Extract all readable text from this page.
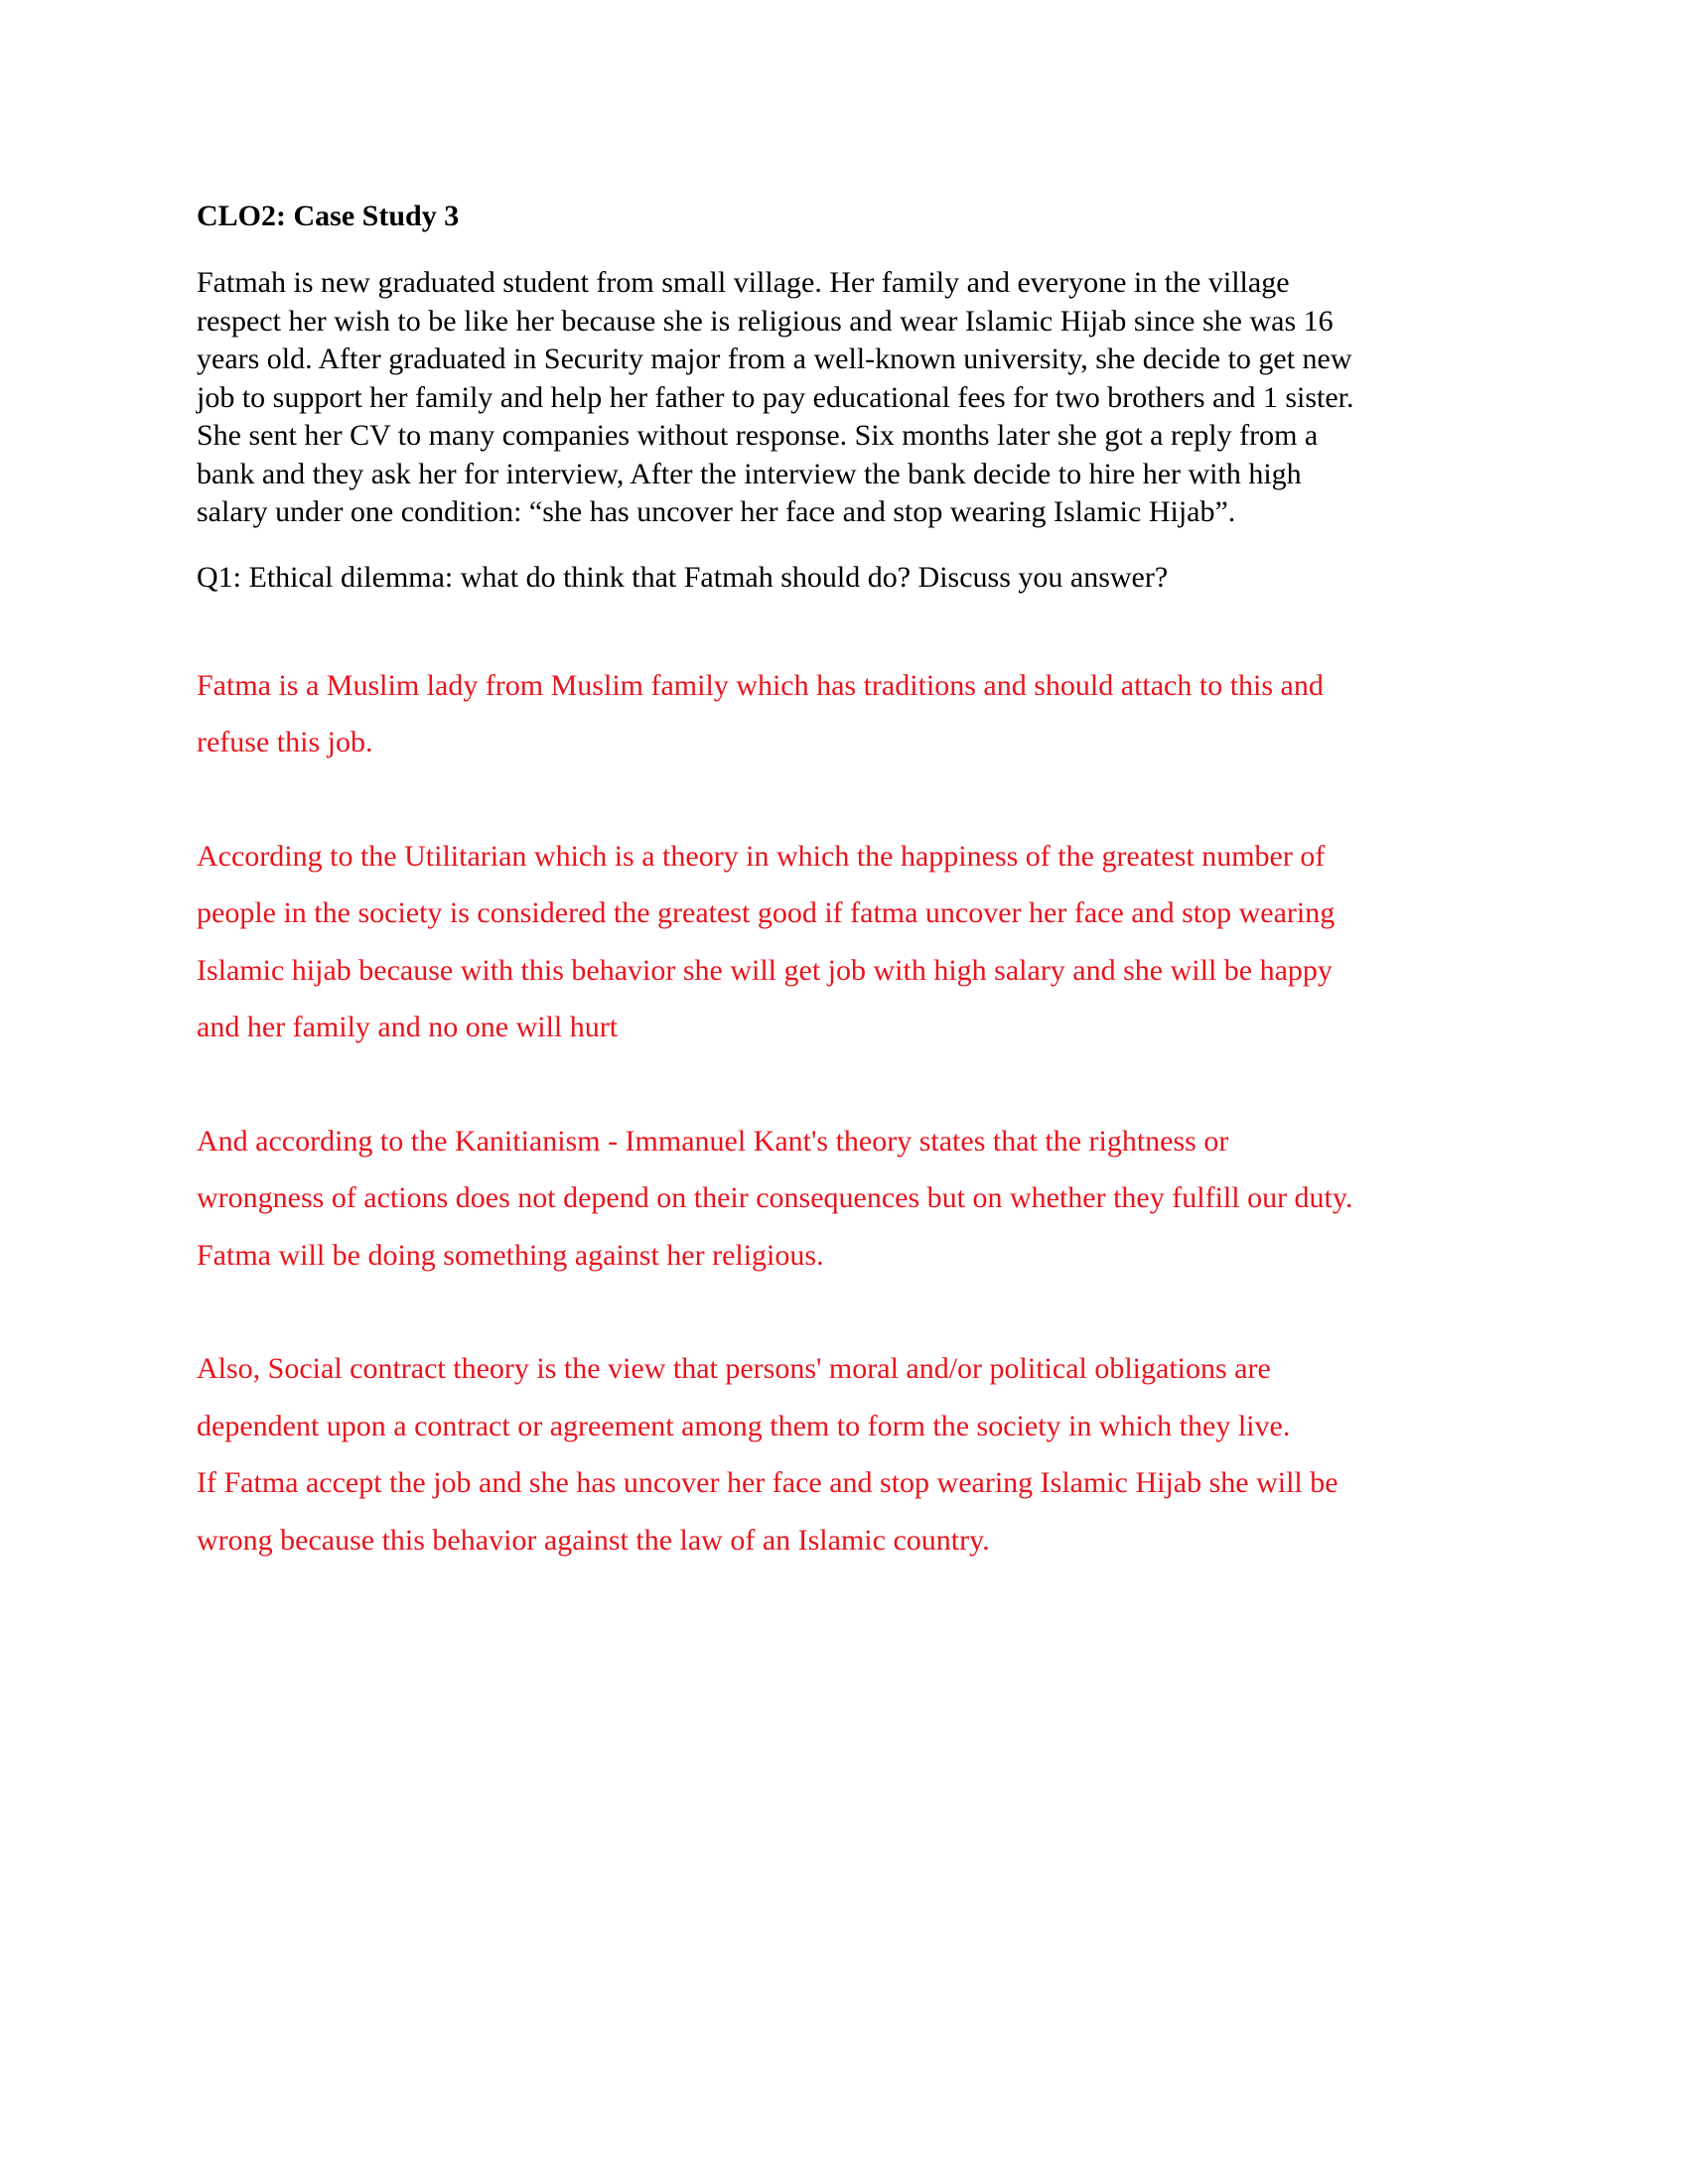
CLO2: Case Study 3

Fatmah is new graduated student from small village. Her family and everyone in the village
respect her wish to be like her because she is religious and wear Islamic Hijab since she was 16
years old. After graduated in Security major from a well-known university, she decide to get new
job to support her family and help her father to pay educational fees for two brothers and 1 sister.
She sent her CV to many companies without response. Six months later she got a reply from a
bank and they ask her for interview, After the interview the bank decide to hire her with high
salary under one condition: “she has uncover her face and stop wearing Islamic Hijab”.

Q1: Ethical dilemma: what do think that Fatmah should do? Discuss you answer?

Fatma is a Muslim lady from Muslim family which has traditions and should attach to this and
refuse this job.

According to the Utilitarian which is a theory in which the happiness of the greatest number of
people in the society is considered the greatest good if fatma uncover her face and stop wearing
Islamic hijab because with this behavior she will get job with high salary and she will be happy
and her family and no one will hurt

And according to the Kanitianism - Immanuel Kant's theory states that the rightness or
wrongness of actions does not depend on their consequences but on whether they fulfill our duty.
Fatma will be doing something against her religious.

Also, Social contract theory is the view that persons' moral and/or political obligations are
dependent upon a contract or agreement among them to form the society in which they live.
If Fatma accept the job and she has uncover her face and stop wearing Islamic Hijab she will be
wrong because this behavior against the law of an Islamic country.
